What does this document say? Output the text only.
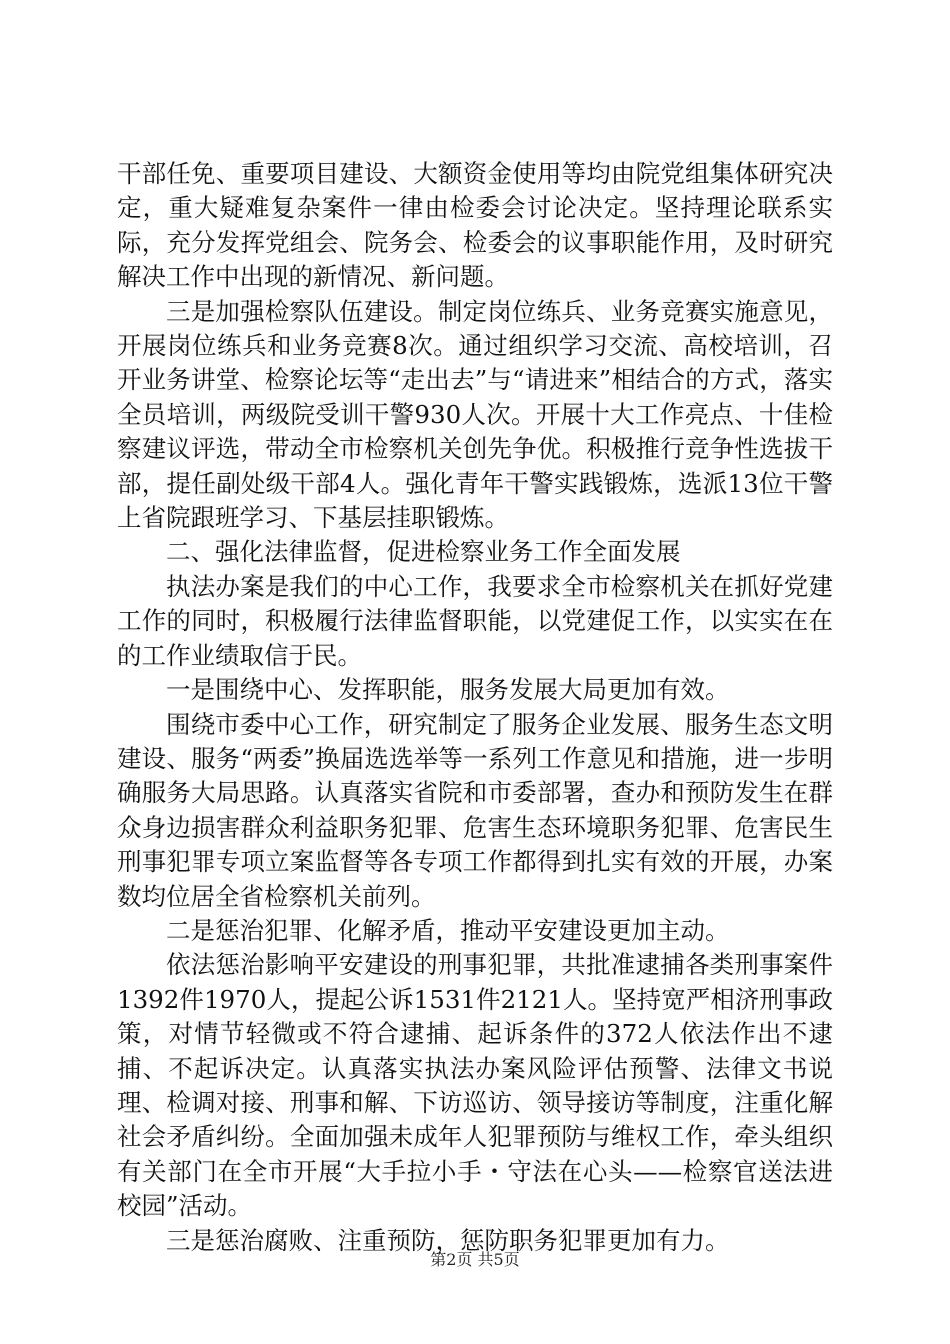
干部任免、重要项目建设、大额资金使用等均由院党组集体研究决定，重大疑难复杂案件一律由检委会讨论决定。坚持理论联系实际，充分发挥党组会、院务会、检委会的议事职能作用，及时研究解决工作中出现的新情况、新问题。

三是加强检察队伍建设。制定岗位练兵、业务竞赛实施意见，开展岗位练兵和业务竞赛8次。通过组织学习交流、高校培训，召开业务讲堂、检察论坛等“走出去”与“请进来”相结合的方式，落实全员培训，两级院受训干警930人次。开展十大工作亮点、十佳检察建议评选，带动全市检察机关创先争优。积极推行竞争性选拔干部，提任副处级干部4人。强化青年干警实践锻炼，选派13位干警上省院跟班学习、下基层挂职锻炼。

二、强化法律监督，促进检察业务工作全面发展

执法办案是我们的中心工作，我要求全市检察机关在抓好党建工作的同时，积极履行法律监督职能，以党建促工作，以实实在在的工作业绩取信于民。

一是围绕中心、发挥职能，服务发展大局更加有效。

围绕市委中心工作，研究制定了服务企业发展、服务生态文明建设、服务“两委”换届选选举等一系列工作意见和措施，进一步明确服务大局思路。认真落实省院和市委部署，查办和预防发生在群众身边损害群众利益职务犯罪、危害生态环境职务犯罪、危害民生刑事犯罪专项立案监督等各专项工作都得到扎实有效的开展，办案数均位居全省检察机关前列。

二是惩治犯罪、化解矛盾，推动平安建设更加主动。

依法惩治影响平安建设的刑事犯罪，共批准逮捕各类刑事案件1392件1970人，提起公诉1531件2121人。坚持宽严相济刑事政策，对情节轻微或不符合逮捕、起诉条件的372人依法作出不逮捕、不起诉决定。认真落实执法办案风险评估预警、法律文书说理、检调对接、刑事和解、下访巡访、领导接访等制度，注重化解社会矛盾纠纷。全面加强未成年人犯罪预防与维权工作，牵头组织有关部门在全市开展“大手拉小手・守法在心头——检察官送法进校园”活动。

三是惩治腐败、注重预防，惩防职务犯罪更加有力。

第2页 共5页
